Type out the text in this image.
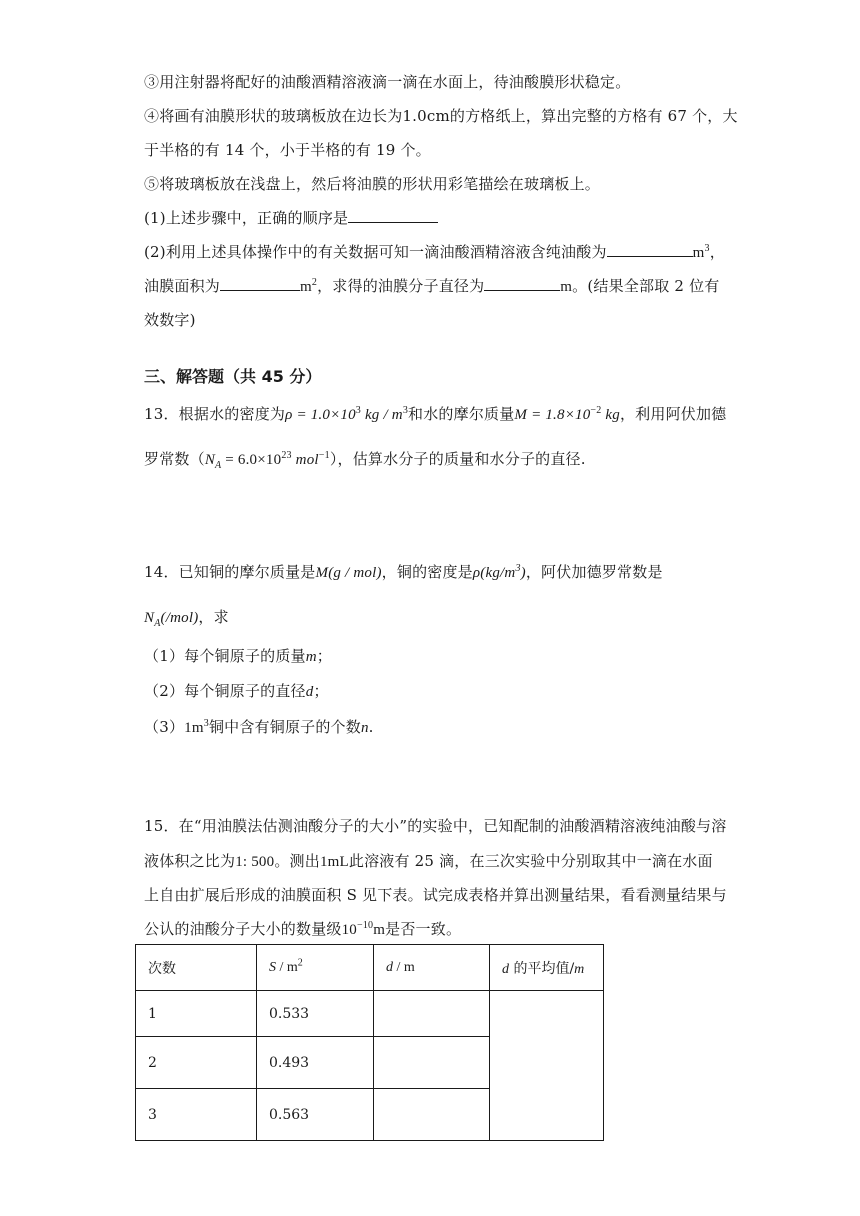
③用注射器将配好的油酸酒精溶液滴一滴在水面上，待油酸膜形状稳定。
④将画有油膜形状的玻璃板放在边长为1.0cm的方格纸上，算出完整的方格有 67 个，大
于半格的有 14 个，小于半格的有 19 个。
⑤将玻璃板放在浅盘上，然后将油膜的形状用彩笔描绘在玻璃板上。
(1)上述步骤中，正确的顺序是
(2)利用上述具体操作中的有关数据可知一滴油酸酒精溶液含纯油酸为	$m^3$，
油膜面积为	$m^2$，求得的油膜分子直径为	m。(结果全部取 2 位有
效数字)
三、解答题（共 45 分）
13．根据水的密度为$\rho = 1.0\times 10^3$ kg / $m^3$和水的摩尔质量$M = 1.8\times 10^{-2}$ kg，利用阿伏加德
罗常数（$N_A = 6.0\times 10^{23}$ mol$^{-1}$），估算水分子的质量和水分子的直径.
14．已知铜的摩尔质量是M(g / mol)，铜的密度是$\rho(kg/m^3)$，阿伏加德罗常数是
$N_A(/mol)$，求
（1）每个铜原子的质量m；
（2）每个铜原子的直径d；
$(3)1m^3$铜中含有铜原子的个数n.
15．在“用油膜法估测油酸分子的大小”的实验中，已知配制的油酸酒精溶液纯油酸与溶
液体积之比为1: 500。测出1mL此溶液有 25 滴，在三次实验中分别取其中一滴在水面
上自由扩展后形成的油膜面积 S 见下表。试完成表格并算出测量结果，看看测量结果与
公认的油酸分子大小的数量级$10^{-10}m$是否一致。
次数	S / $m^2$	d / m	d 的平均值/m
1	0.533		
2	0.493		
3	0.563		
